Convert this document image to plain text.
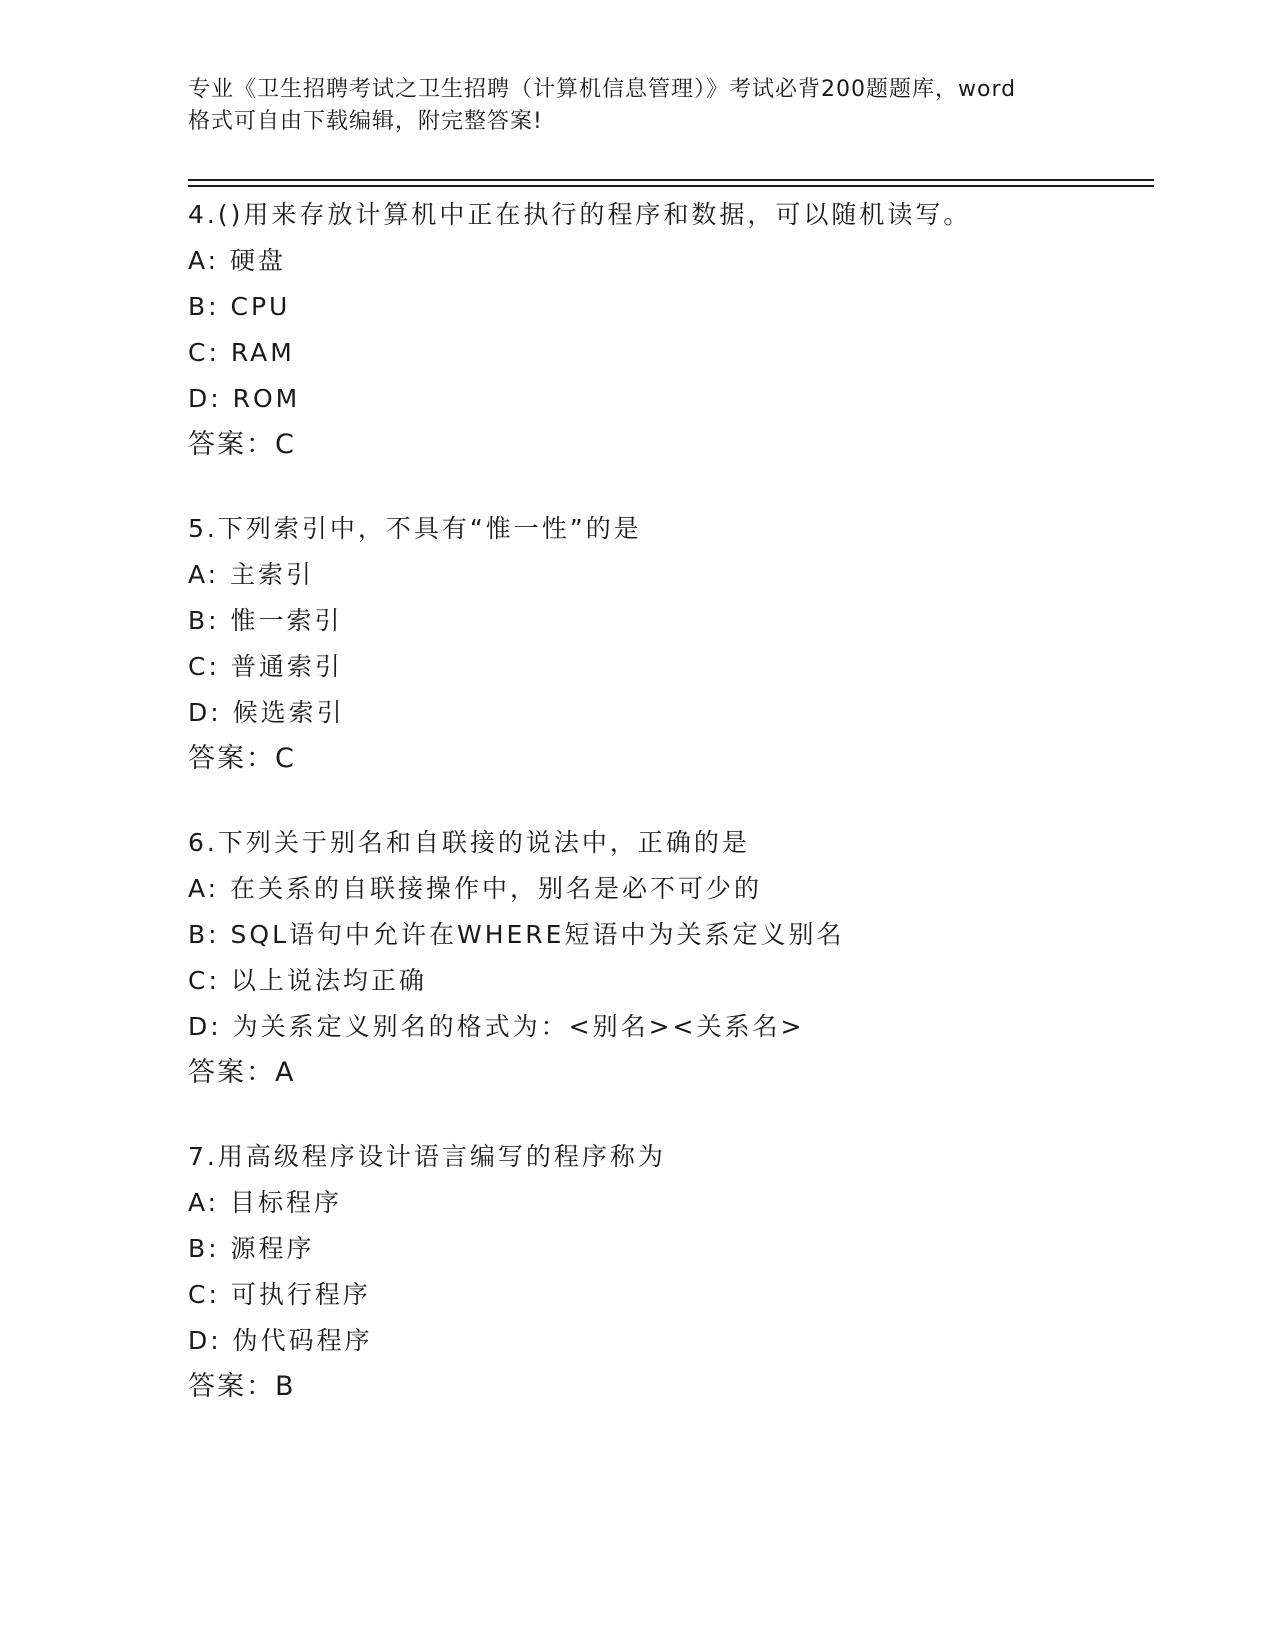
专业《卫生招聘考试之卫生招聘（计算机信息管理）》考试必背200题题库，word
格式可自由下载编辑，附完整答案!
4.()用来存放计算机中正在执行的程序和数据，可以随机读写。
A: 硬盘
B: CPU
C: RAM
D: ROM
答案：C
5.下列索引中，不具有“惟一性”的是
A: 主索引
B: 惟一索引
C: 普通索引
D: 候选索引
答案：C
6.下列关于别名和自联接的说法中，正确的是
A: 在关系的自联接操作中，别名是必不可少的
B: SQL语句中允许在WHERE短语中为关系定义别名
C: 以上说法均正确
D: 为关系定义别名的格式为：<别名><关系名>
答案：A
7.用高级程序设计语言编写的程序称为
A: 目标程序
B: 源程序
C: 可执行程序
D: 伪代码程序
答案：B
